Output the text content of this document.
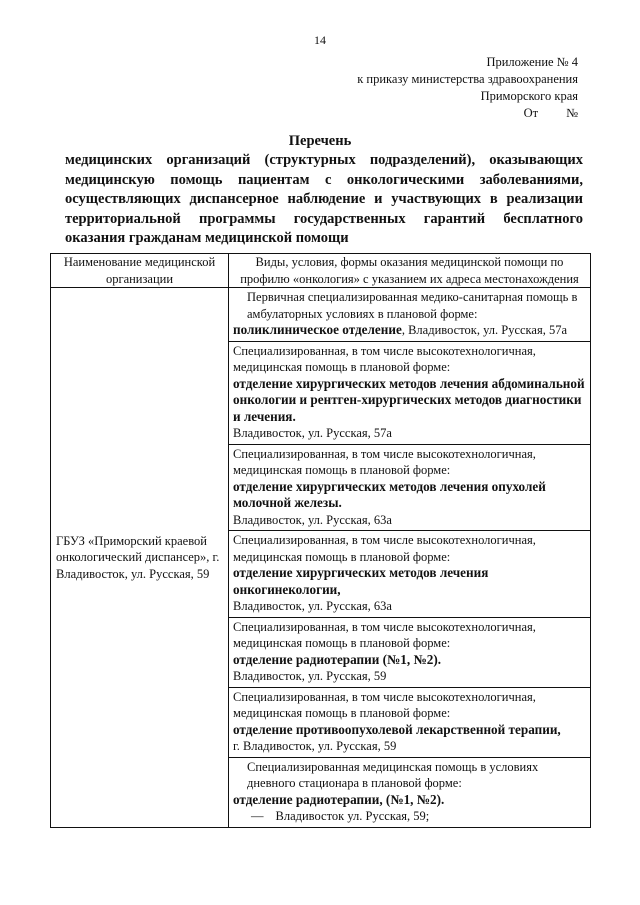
14
Приложение № 4
к приказу министерства здравоохранения
Приморского края
От №
Перечень
медицинских организаций (структурных подразделений), оказывающих медицинскую помощь пациентам с онкологическими заболеваниями, осуществляющих диспансерное наблюдение и участвующих в реализации территориальной программы государственных гарантий бесплатного оказания гражданам медицинской помощи
Наименование медицинской организации	Виды, условия, формы оказания медицинской помощи по профилю «онкология» с указанием их адреса местонахождения
ГБУЗ «Приморский краевой онкологический диспансер», г. Владивосток, ул. Русская, 59	Первичная специализированная медико-санитарная помощь в амбулаторных условиях в плановой форме:
поликлиническое отделение, Владивосток, ул. Русская, 57а
	Специализированная, в том числе высокотехнологичная, медицинская помощь в плановой форме:
отделение хирургических методов лечения абдоминальной онкологии и рентген-хирургических методов диагностики и лечения.
Владивосток, ул. Русская, 57а
	Специализированная, в том числе высокотехнологичная, медицинская помощь в плановой форме:
отделение хирургических методов лечения опухолей молочной железы.
Владивосток, ул. Русская, 63а
	Специализированная, в том числе высокотехнологичная, медицинская помощь в плановой форме:
отделение хирургических методов лечения онкогинекологии,
Владивосток, ул. Русская, 63а
	Специализированная, в том числе высокотехнологичная, медицинская помощь в плановой форме:
отделение радиотерапии (№1, №2).
Владивосток, ул. Русская, 59
	Специализированная, в том числе высокотехнологичная, медицинская помощь в плановой форме:
отделение противоопухолевой лекарственной терапии,
г. Владивосток, ул. Русская, 59

	Специализированная медицинская помощь в условиях дневного стационара в плановой форме:
отделение радиотерапии, (№1, №2).
— Владивосток ул. Русская, 59;
